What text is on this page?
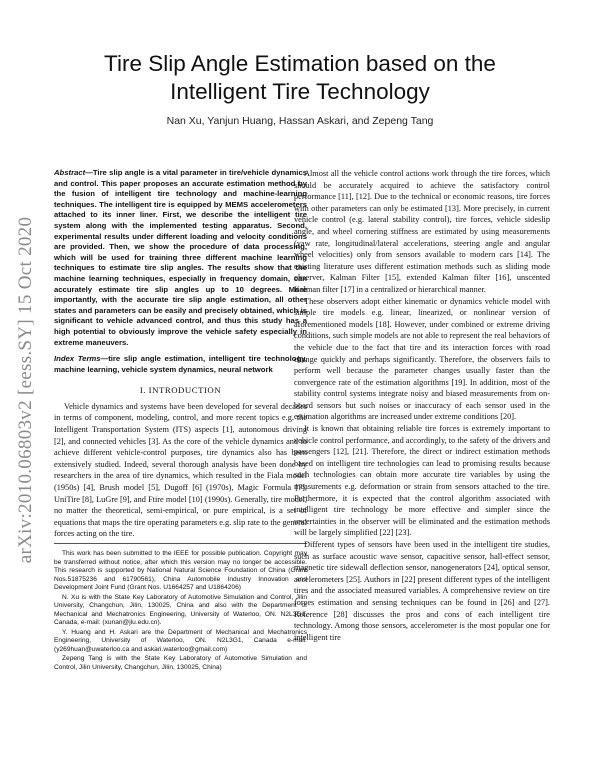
arXiv:2010.06803v2 [eess.SY] 15 Oct 2020
Tire Slip Angle Estimation based on the
Intelligent Tire Technology
Nan Xu, Yanjun Huang, Hassan Askari, and Zepeng Tang
Abstract—Tire slip angle is a vital parameter in tire/vehicle dynamics and control. This paper proposes an accurate estimation method by the fusion of intelligent tire technology and machine-learning techniques. The intelligent tire is equipped by MEMS accelerometers attached to its inner liner. First, we describe the intelligent tire system along with the implemented testing apparatus. Second, experimental results under different loading and velocity conditions are provided. Then, we show the procedure of data processing, which will be used for training three different machine learning techniques to estimate tire slip angles. The results show that the machine learning techniques, especially in frequency domain, can accurately estimate tire slip angles up to 10 degrees. More importantly, with the accurate tire slip angle estimation, all other states and parameters can be easily and precisely obtained, which is significant to vehicle advanced control, and thus this study has a high potential to obviously improve the vehicle safety especially in extreme maneuvers.
Index Terms—tire slip angle estimation, intelligent tire technology, machine learning, vehicle system dynamics, neural network
I. INTRODUCTION

Vehicle dynamics and systems have been developed for several decades in terms of component, modeling, control, and more recent topics e.g. the Intelligent Transportation System (ITS) aspects [1], autonomous driving [2], and connected vehicles [3]. As the core of the vehicle dynamics and to achieve different vehicle-control purposes, tire dynamics also has been extensively studied. Indeed, several thorough analysis have been done by researchers in the area of tire dynamics, which resulted in the Fiala model (1950s) [4], Brush model [5], Dugoff [6] (1970s), Magic Formula [7], UniTire [8], LuGre [9], and Ftire model [10] (1990s). Generally, tire model, no matter the theoretical, semi-empirical, or pure empirical, is a set of equations that maps the tire operating parameters e.g. slip rate to the general forces acting on the tire.

This work has been submitted to the IEEE for possible publication. Copyright may be transferred without notice, after which this version may no longer be accessible. This research is supported by National Natural Science Foundation of China (Grant Nos.51875236 and 61790561), China Automobile Industry Innovation and Development Joint Fund (Grant Nos. U1664257 and U1864206)
N. Xu is with the State Key Laboratory of Automotive Simulation and Control, Jilin University, Changchun, Jilin, 130025, China and also with the Department of Mechanical and Mechatronics Engineering, University of Waterloo, ON. N2L3G1, Canada, e-mail: (xunan@jlu.edu.cn).
Y. Huang and H. Askari are the Department of Mechanical and Mechatronics Engineering, University of Waterloo, ON. N2L3G1, Canada e-mail: (y269huan@uwaterloo.ca and askari.waterloo@gmail.com)
Zepeng Tang is with the State Key Laboratory of Automotive Simulation and Control, Jilin University, Changchun, Jilin, 130025, China)

Almost all the vehicle control actions work through the tire forces, which should be accurately acquired to achieve the satisfactory control performance [11], [12]. Due to the technical or economic reasons, tire forces with other parameters can only be estimated [13]. More precisely, in current vehicle control (e.g. lateral stability control), tire forces, vehicle sideslip angle, and wheel cornering stiffness are estimated by using measurements (yaw rate, longitudinal/lateral accelerations, steering angle and angular wheel velocities) only from sensors available to modern cars [14]. The existing literature uses different estimation methods such as sliding mode observer, Kalman Filter [15], extended Kalman filter [16], unscented Kalman filter [17] in a centralized or hierarchical manner.

These observers adopt either kinematic or dynamics vehicle model with simple tire models e.g. linear, linearized, or nonlinear version of aforementioned models [18]. However, under combined or extreme driving conditions, such simple models are not able to represent the real behaviors of the vehicle due to the fact that tire and its interaction forces with road change quickly and perhaps significantly. Therefore, the observers fails to perform well because the parameter changes usually faster than the convergence rate of the estimation algorithms [19]. In addition, most of the stability control systems integrate noisy and biased measurements from on-board sensors but such noises or inaccuracy of each sensor used in the estimation algorithms are increased under extreme conditions [20].

It is known that obtaining reliable tire forces is extremely important to vehicle control performance, and accordingly, to the safety of the drivers and passengers [12], [21]. Therefore, the direct or indirect estimation methods based on intelligent tire technologies can lead to promising results because such technologies can obtain more accurate tire variables by using the measurements e.g. deformation or strain from sensors attached to the tire. Furthermore, it is expected that the control algorithm associated with intelligent tire technology be more effective and simpler since the uncertainties in the observer will be eliminated and the estimation methods will be largely simplified [22] [23].

Different types of sensors have been used in the intelligent tire studies, such as surface acoustic wave sensor, capacitive sensor, hall-effect sensor, magnetic tire sidewall deflection sensor, nanogenerators [24], optical sensor, accelerometers [25]. Authors in [22] present different types of the intelligent tires and the associated measured variables. A comprehensive review on tire forces estimation and sensing techniques can be found in [26] and [27]. Reference [28] discusses the pros and cons of each intelligent tire technology. Among those sensors, accelerometer is the most popular one for intelligent tire
